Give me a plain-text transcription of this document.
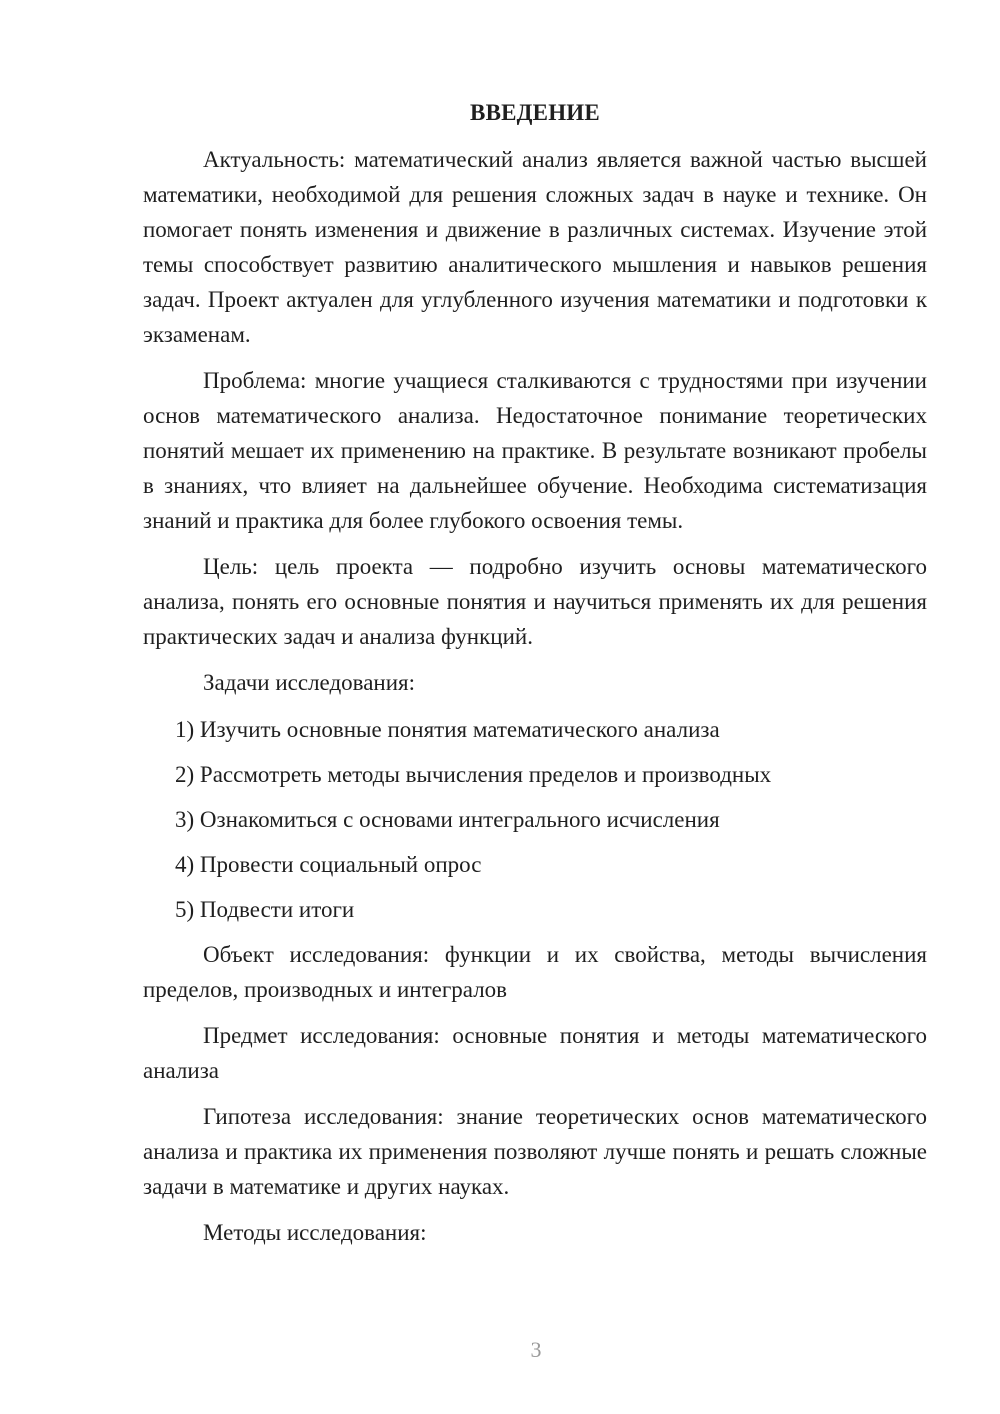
ВВЕДЕНИЕ

Актуальность: математический анализ является важной частью высшей математики, необходимой для решения сложных задач в науке и технике. Он помогает понять изменения и движение в различных системах. Изучение этой темы способствует развитию аналитического мышления и навыков решения задач. Проект актуален для углубленного изучения математики и подготовки к экзаменам.

Проблема: многие учащиеся сталкиваются с трудностями при изучении основ математического анализа. Недостаточное понимание теоретических понятий мешает их применению на практике. В результате возникают пробелы в знаниях, что влияет на дальнейшее обучение. Необходима систематизация знаний и практика для более глубокого освоения темы.

Цель: цель проекта — подробно изучить основы математического анализа, понять его основные понятия и научиться применять их для решения практических задач и анализа функций.

Задачи исследования:

1) Изучить основные понятия математического анализа
2) Рассмотреть методы вычисления пределов и производных
3) Ознакомиться с основами интегрального исчисления
4) Провести социальный опрос
5) Подвести итоги

Объект исследования: функции и их свойства, методы вычисления пределов, производных и интегралов

Предмет исследования: основные понятия и методы математического анализа

Гипотеза исследования: знание теоретических основ математического анализа и практика их применения позволяют лучше понять и решать сложные задачи в математике и других науках.

Методы исследования:

3
